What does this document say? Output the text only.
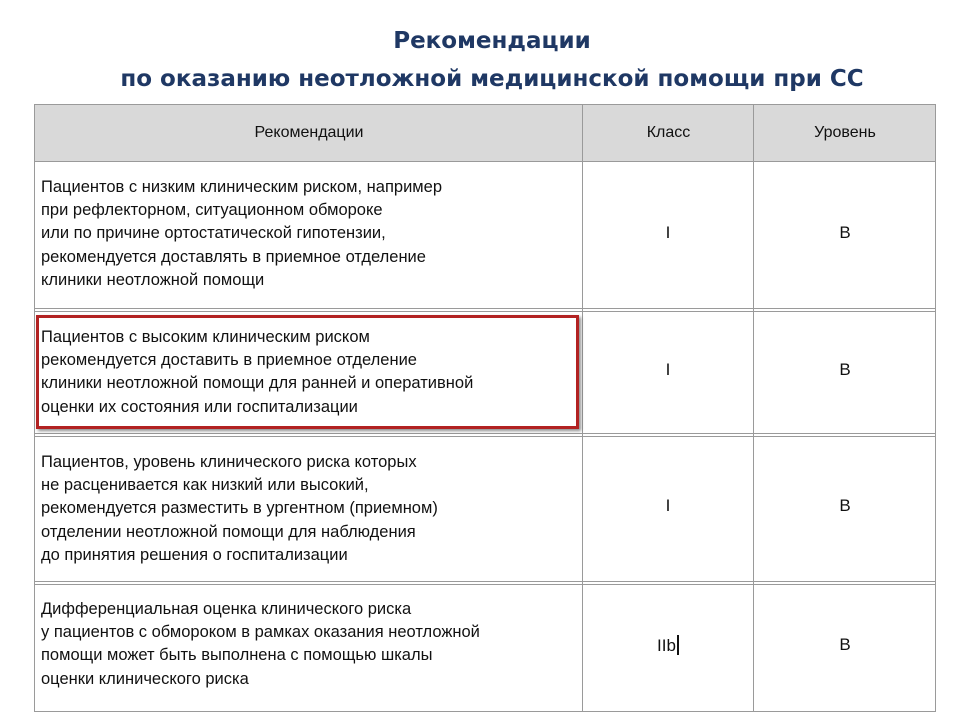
Рекомендации
по оказанию неотложной медицинской помощи при СС
Рекомендации	Класс	Уровень
Пациентов с низким клиническим риском, например
при рефлекторном, ситуационном обмороке
или по причине ортостатической гипотензии,
рекомендуется доставлять в приемное отделение
клиники неотложной помощи
I	B
Пациентов с высоким клиническим риском
рекомендуется доставить в приемное отделение
клиники неотложной помощи для ранней и оперативной
оценки их состояния или госпитализации
I	B
Пациентов, уровень клинического риска которых
не расценивается как низкий или высокий,
рекомендуется разместить в ургентном (приемном)
отделении неотложной помощи для наблюдения
до принятия решения о госпитализации
I	B
Дифференциальная оценка клинического риска
у пациентов с обмороком в рамках оказания неотложной
помощи может быть выполнена с помощью шкалы
оценки клинического риска
IIb	B
